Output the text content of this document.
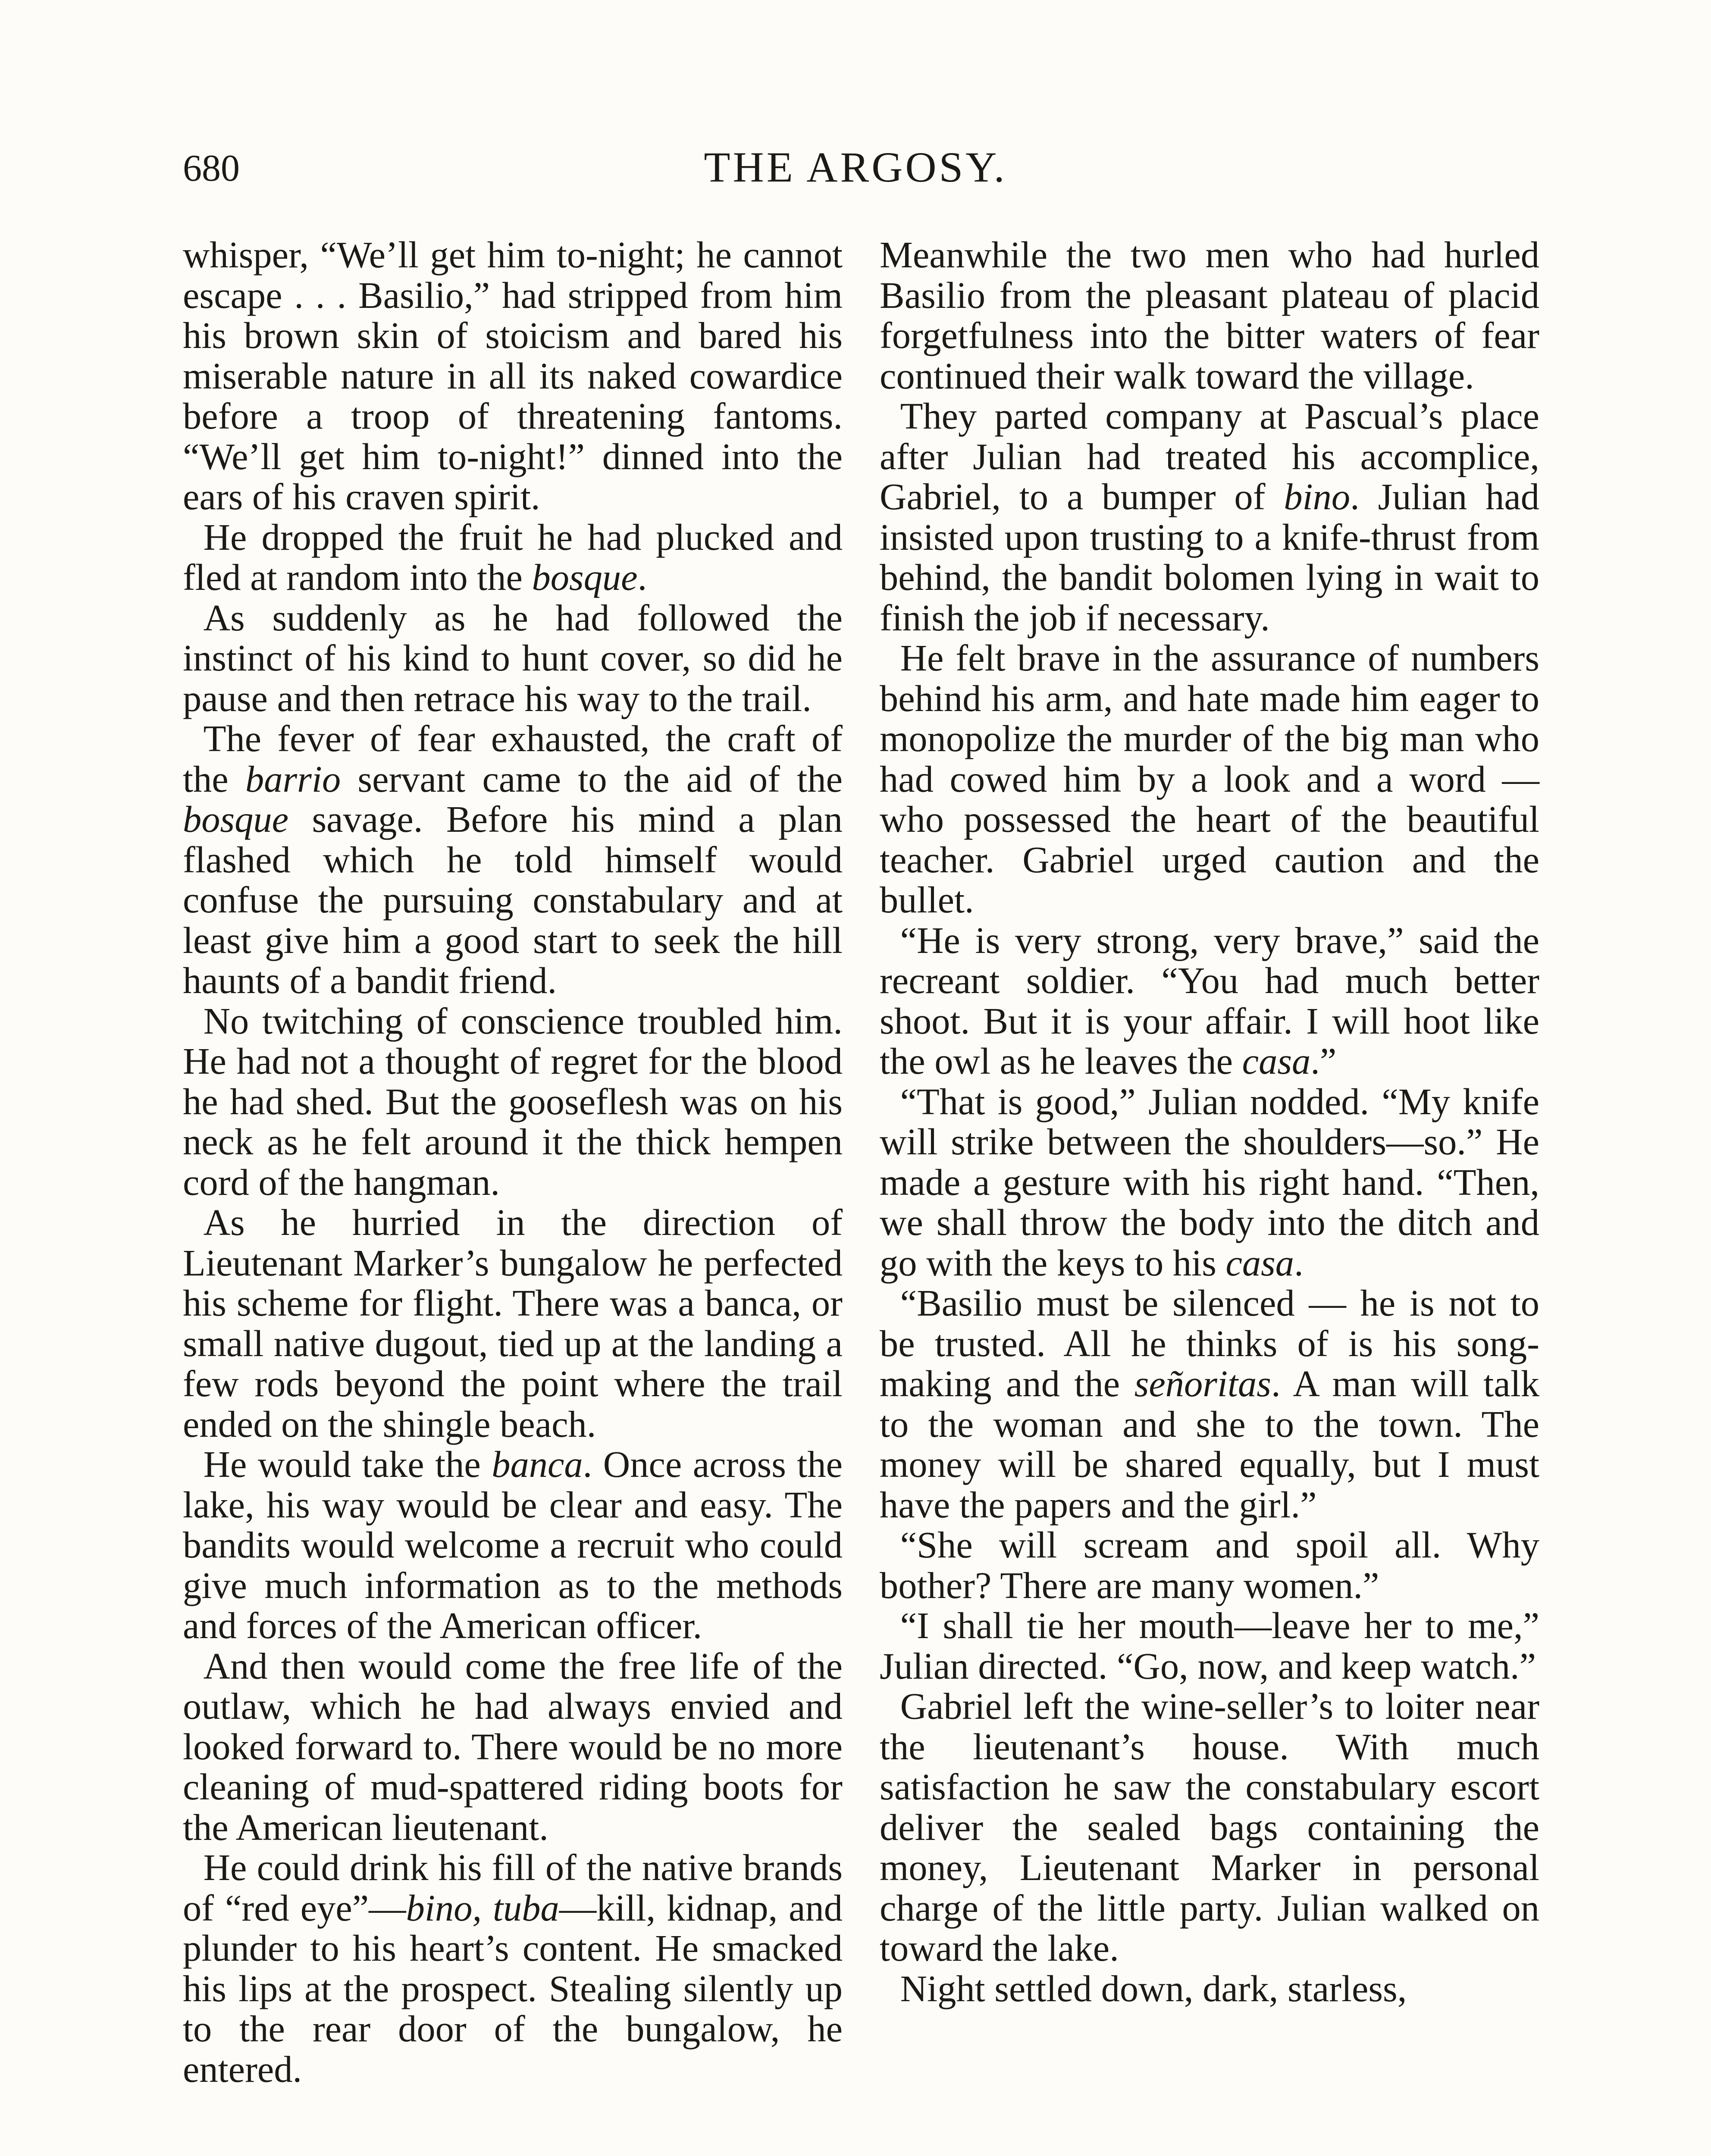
680	THE ARGOSY.

whisper, “We’ll get him to-night; he cannot escape . . . Basilio,” had stripped from him his brown skin of stoicism and bared his miserable nature in all its naked cowardice before a troop of threatening fantoms. “We’ll get him to-night!” dinned into the ears of his craven spirit.

He dropped the fruit he had plucked and fled at random into the bosque.

As suddenly as he had followed the instinct of his kind to hunt cover, so did he pause and then retrace his way to the trail.

The fever of fear exhausted, the craft of the barrio servant came to the aid of the bosque savage. Before his mind a plan flashed which he told himself would confuse the pursuing constabulary and at least give him a good start to seek the hill haunts of a bandit friend.

No twitching of conscience troubled him. He had not a thought of regret for the blood he had shed. But the gooseflesh was on his neck as he felt around it the thick hempen cord of the hangman.

As he hurried in the direction of Lieutenant Marker’s bungalow he perfected his scheme for flight. There was a banca, or small native dugout, tied up at the landing a few rods beyond the point where the trail ended on the shingle beach.

He would take the banca. Once across the lake, his way would be clear and easy. The bandits would welcome a recruit who could give much information as to the methods and forces of the American officer.

And then would come the free life of the outlaw, which he had always envied and looked forward to. There would be no more cleaning of mud-spattered riding boots for the American lieutenant.

He could drink his fill of the native brands of “red eye”—bino, tuba—kill, kidnap, and plunder to his heart’s content. He smacked his lips at the prospect. Stealing silently up to the rear door of the bungalow, he entered.

Meanwhile the two men who had hurled Basilio from the pleasant plateau of placid forgetfulness into the bitter waters of fear continued their walk toward the village.

They parted company at Pascual’s place after Julian had treated his accomplice, Gabriel, to a bumper of bino. Julian had insisted upon trusting to a knife-thrust from behind, the bandit bolomen lying in wait to finish the job if necessary.

He felt brave in the assurance of numbers behind his arm, and hate made him eager to monopolize the murder of the big man who had cowed him by a look and a word — who possessed the heart of the beautiful teacher. Gabriel urged caution and the bullet.

“He is very strong, very brave,” said the recreant soldier. “You had much better shoot. But it is your affair. I will hoot like the owl as he leaves the casa.”

“That is good,” Julian nodded. “My knife will strike between the shoulders—so.” He made a gesture with his right hand. “Then, we shall throw the body into the ditch and go with the keys to his casa.

“Basilio must be silenced — he is not to be trusted. All he thinks of is his song-making and the señoritas. A man will talk to the woman and she to the town. The money will be shared equally, but I must have the papers and the girl.”

“She will scream and spoil all. Why bother? There are many women.”

“I shall tie her mouth—leave her to me,” Julian directed. “Go, now, and keep watch.”

Gabriel left the wine-seller’s to loiter near the lieutenant’s house. With much satisfaction he saw the constabulary escort deliver the sealed bags containing the money, Lieutenant Marker in personal charge of the little party. Julian walked on toward the lake.

Night settled down, dark, starless,
